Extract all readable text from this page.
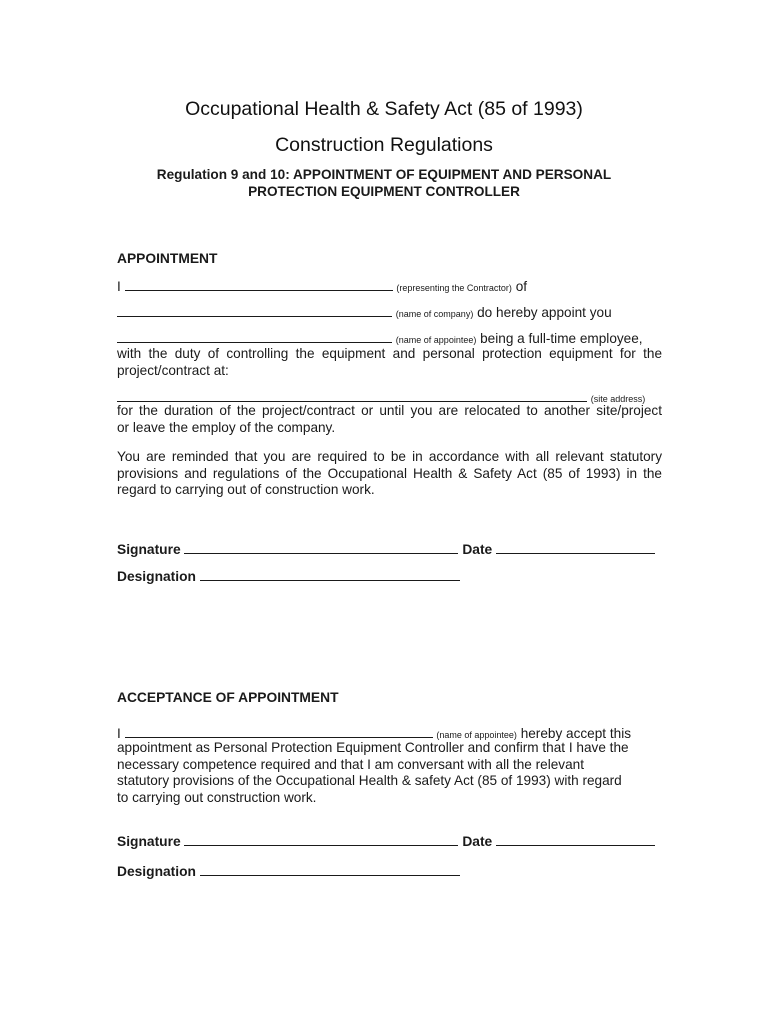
Occupational Health & Safety Act (85 of 1993)
Construction Regulations
Regulation 9 and 10: APPOINTMENT OF EQUIPMENT AND PERSONAL
PROTECTION EQUIPMENT CONTROLLER
APPOINTMENT
I	(representing the Contractor) of
(name of company) do hereby appoint you
(name of appointee) being a full-time employee,
with the duty of controlling the equipment and personal protection equipment for the
project/contract at:
(site address)
for the duration of the project/contract or until you are relocated to another site/project
or leave the employ of the company.
You are reminded that you are required to be in accordance with all relevant statutory
provisions and regulations of the Occupational Health & Safety Act (85 of 1993) in the
regard to carrying out of construction work.
Signature	Date
Designation
ACCEPTANCE OF APPOINTMENT
I	(name of appointee) hereby accept this
appointment as Personal Protection Equipment Controller and confirm that I have the
necessary competence required and that I am conversant with all the relevant
statutory provisions of the Occupational Health & safety Act (85 of 1993) with regard
to carrying out construction work.
Signature	Date
Designation
